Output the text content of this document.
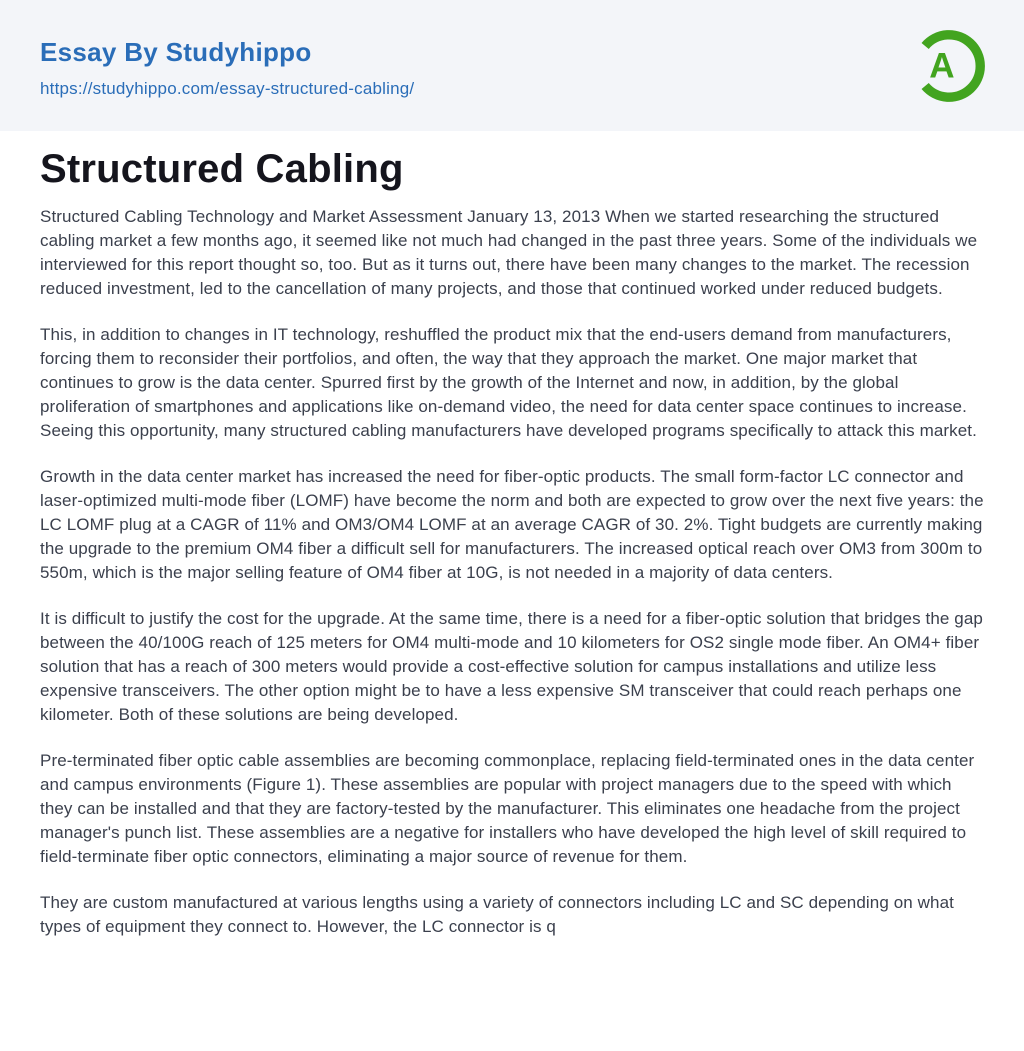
Essay By Studyhippo
https://studyhippo.com/essay-structured-cabling/
A
Structured Cabling

Structured Cabling Technology and Market Assessment January 13, 2013 When we started researching the structured cabling market a few months ago, it seemed like not much had changed in the past three years. Some of the individuals we interviewed for this report thought so, too. But as it turns out, there have been many changes to the market. The recession reduced investment, led to the cancellation of many projects, and those that continued worked under reduced budgets.

This, in addition to changes in IT technology, reshuffled the product mix that the end-users demand from manufacturers, forcing them to reconsider their portfolios, and often, the way that they approach the market. One major market that continues to grow is the data center. Spurred first by the growth of the Internet and now, in addition, by the global proliferation of smartphones and applications like on-demand video, the need for data center space continues to increase. Seeing this opportunity, many structured cabling manufacturers have developed programs specifically to attack this market.

Growth in the data center market has increased the need for fiber-optic products. The small form-factor LC connector and laser-optimized multi-mode fiber (LOMF) have become the norm and both are expected to grow over the next five years: the LC LOMF plug at a CAGR of 11% and OM3/OM4 LOMF at an average CAGR of 30. 2%. Tight budgets are currently making the upgrade to the premium OM4 fiber a difficult sell for manufacturers. The increased optical reach over OM3 from 300m to 550m, which is the major selling feature of OM4 fiber at 10G, is not needed in a majority of data centers.

It is difficult to justify the cost for the upgrade. At the same time, there is a need for a fiber-optic solution that bridges the gap between the 40/100G reach of 125 meters for OM4 multi-mode and 10 kilometers for OS2 single mode fiber. An OM4+ fiber solution that has a reach of 300 meters would provide a cost-effective solution for campus installations and utilize less expensive transceivers. The other option might be to have a less expensive SM transceiver that could reach perhaps one kilometer. Both of these solutions are being developed.

Pre-terminated fiber optic cable assemblies are becoming commonplace, replacing field-terminated ones in the data center and campus environments (Figure 1). These assemblies are popular with project managers due to the speed with which they can be installed and that they are factory-tested by the manufacturer. This eliminates one headache from the project manager's punch list. These assemblies are a negative for installers who have developed the high level of skill required to field-terminate fiber optic connectors, eliminating a major source of revenue for them.

They are custom manufactured at various lengths using a variety of connectors including LC and SC depending on what types of equipment they connect to. However, the LC connector is q
